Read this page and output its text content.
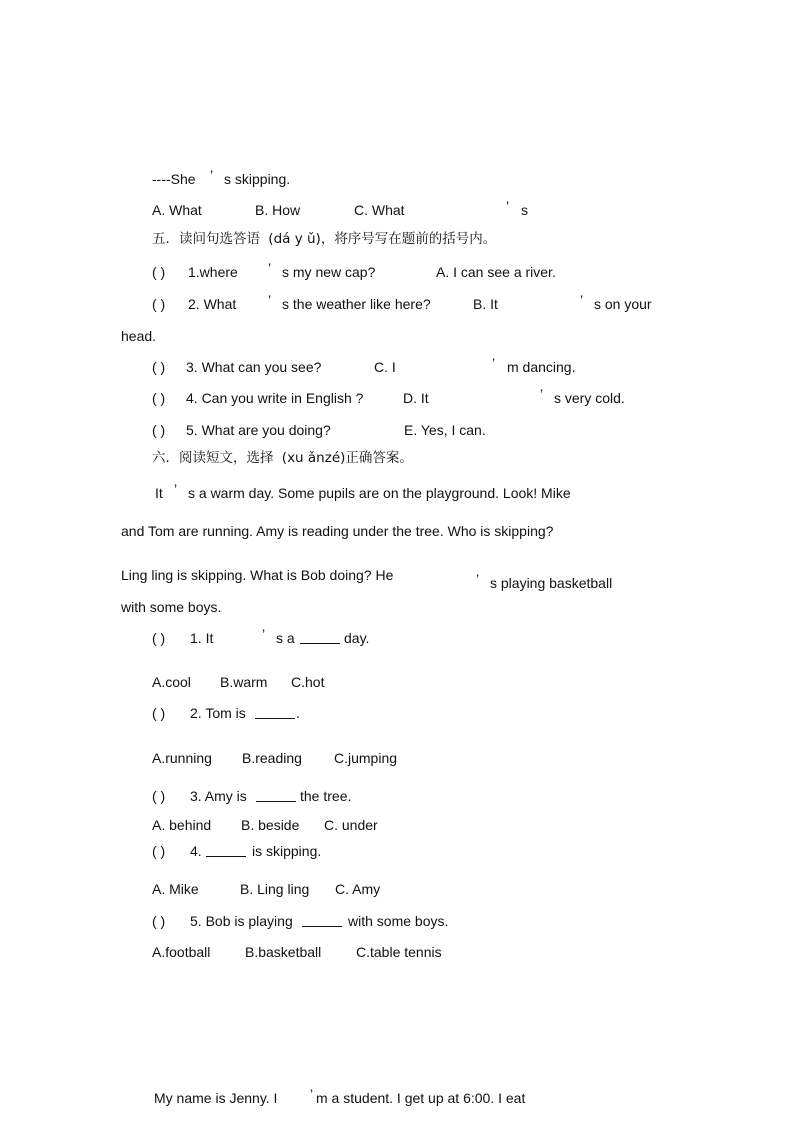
----She ’ s skipping.
A. What	B. How	C. What	’ s
五．读问句选答语 (dá y ǔ)，将序号写在题前的括号内。
( ) 1.where ’ s my new cap?	A. I can see a river.
( ) 2. What ’ s the weather like here?	B. It	’ s on your
head.
( ) 3. What can you see?	C. I	’ m dancing.
( ) 4. Can you write in English ?	D. It	’ s very cold.
( ) 5. What are you doing?	E. Yes, I can.
六．阅读短文，选择 (xu ǎnzé)正确答案。
It ’ s a warm day. Some pupils are on the playground. Look! Mike
and Tom are running. Amy is reading under the tree. Who is skipping?
Ling ling is skipping. What is Bob doing? He	’ s playing basketball
with some boys.
( ) 1. It	’ s a	day.
A.cool B.warm C.hot
( ) 2. Tom is	.
A.running B.reading C.jumping
( ) 3. Amy is	the tree.
A. behind B. beside C. under
( ) 4.	is skipping.
A. Mike	B. Ling ling C. Amy
( ) 5. Bob is playing	with some boys.
A.football B.basketball C.table tennis
My name is Jenny. I ’ m a student. I get up at 6:00. I eat
